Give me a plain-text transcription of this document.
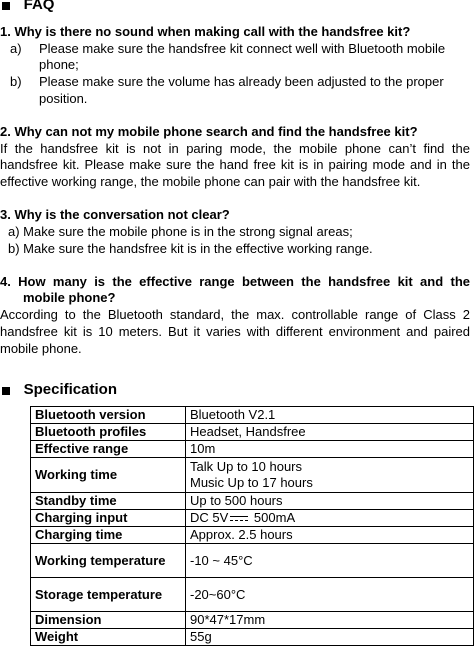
FAQ
1. Why is there no sound when making call with the handsfree kit?
a) Please make sure the handsfree kit connect well with Bluetooth mobile
phone;
b) Please make sure the volume has already been adjusted to the proper
position.
2. Why can not my mobile phone search and find the handsfree kit?
If the handsfree kit is not in paring mode, the mobile phone can’t find the
handsfree kit. Please make sure the hand free kit is in pairing mode and in the
effective working range, the mobile phone can pair with the handsfree kit.
3. Why is the conversation not clear?
a) Make sure the mobile phone is in the strong signal areas;
b) Make sure the handsfree kit is in the effective working range.
4. How many is the effective range between the handsfree kit and the
mobile phone?
According to the Bluetooth standard, the max. controllable range of Class 2
handsfree kit is 10 meters. But it varies with different environment and paired
mobile phone.
Specification
Bluetooth version	Bluetooth V2.1
Bluetooth profiles	Headset, Handsfree
Effective range	10m
Working time	Talk Up to 10 hours
Music Up to 17 hours

Standby time	Up to 500 hours
Charging input	DC 5V 500mA
Charging time	Approx. 2.5 hours
Working temperature	-10 ~ 45°C
Storage temperature	-20~60°C
Dimension	90*47*17mm
Weight	55g
